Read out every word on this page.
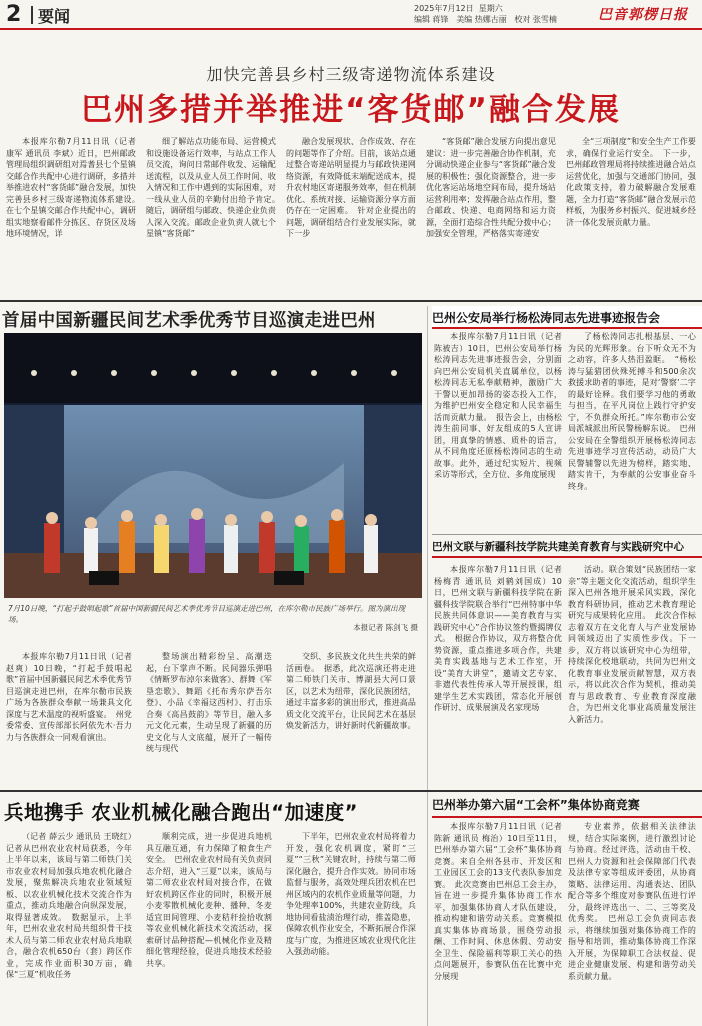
2 要闻	2025年7月12日 星期六
编辑 蒋锋 美编 热娜古丽 校对 张雪楠	巴音郭楞日报
加快完善县乡村三级寄递物流体系建设
巴州多措并举推进“客货邮”融合发展

本报库尔勒7月11日讯（记者 康军 通讯员 李斌）近日，巴州邮政管理局组织调研组对焉耆县七个星镇交邮合作共配中心进行调研，多措并举推进农村“客货邮”融合发展，加快完善县乡村三级寄递物流体系建设。　在七个星镇交邮合作共配中心，调研组实地察看邮件分拣区、存货区及场地环境情况，详

细了解站点功能布局、运营模式和设施设备运行效率，与站点工作人员交流，询问日常邮件收发、运输配送流程，以及从业人员工作时间、收入情况和工作中遇到的实际困难，对一线从业人员的辛勤付出给予肯定。　随后，调研组与邮政、快递企业负责人深入交流。邮政企业负责人就七个星镇“客货邮”

融合发展现状、合作成效、存在的问题等作了介绍。目前，该站点通过整合寄递站明显提力与邮政快递网络资源，有效降低末端配送成本，提升农村地区寄递服务效率，但在机制优化、系统对接、运输资源分享方面仍存在一定困难。　针对企业提出的问题，调研组结合行业发展实际，就下一步

“客货邮”融合发展方向提出意见建议：进一步完善融合协作机制，充分调动快递企业参与“客货邮”融合发展的积极性；强化资源整合，进一步优化客运站场地空间布局，提升场站运营利用率；发挥融合站点作用，整合邮政、快递、电商网络和运力资源，全面打造综合性共配分拨中心；加强安全管理，严格落实寄递安

全“三项制度”和安全生产工作要求，确保行业运行安全。　下一步，巴州邮政管理局将持续推进融合站点运营优化，加强与交通部门协同，强化政策支持，着力破解融合发展难题，全力打造“客货邮”融合发展示范样板，为服务乡村振兴、促进城乡经济一体化发展贡献力量。

首届中国新疆民间艺术季优秀节目巡演走进巴州
7月10日晚，“打起手鼓唱起歌”首届中国新疆民间艺术季优秀节目巡演走进巴州，在库尔勒市民族广场举行。图为演出现场。
本报记者 陈剑飞 摄

本报库尔勒7月11日讯（记者 赵爽）10日晚，“打起手鼓唱起歌”首届中国新疆民间艺术季优秀节目巡演走进巴州，在库尔勒市民族广场为各族群众奉献一场兼具文化深度与艺术温度的视听盛宴。　州党委常委、宣传部部长阿依先木·吾力力与各族群众一同观看演出。

整场演出精彩纷呈、高潮迭起，台下掌声不断。民间器乐弹唱《情断罗布淖尔来做客》、群舞《军垦恋歌》、舞蹈《托布秀尔萨吾尔登》、小品《幸福这西村》、打击乐合奏《高昌鼓韵》等节目，融入多元文化元素，生动呈现了新疆的历史文化与人文底蕴，展开了一幅传统与现代

交织、多民族文化共生共荣的鲜活画卷。　据悉，此次巡演还将走进第二师铁门关市、博湖县大河口景区，以艺术为纽带，深化民族团结，通过丰富多彩的演出形式，推进高品质文化交流平台，让民间艺术在基层焕发新活力，讲好新时代新疆故事。

巴州公安局举行杨松涛同志先进事迹报告会

本报库尔勒7月11日讯（记者 陈被吉）10日，巴州公安局举行杨松涛同志先进事迹报告会，分别面向巴州公安局机关直属单位，以杨松涛同志无私奉献精神，激励广大干警以更加昂扬的姿态投入工作，为维护巴州安全稳定和人民幸福生活而贡献力量。　报告会上，由杨松涛生前同事、好友组成的5人宣讲团，用真挚的情感、质朴的语言，从不同角度还原杨松涛同志的生动故事。此外，通过纪实短片、视频采访等形式，全方位、多角度展现

了杨松涛同志扎根基层、一心为民的光辉形象。台下听众无不为之动容，许多人热泪盈眶。　“杨松涛与猛猎团伙殊死搏斗和500余次救援求助者的事迹，是对‘警察’二字的最好诠释。我们要学习他的勇敢与担当，在平凡岗位上践行守护安宁，不负群众所托。”库尔勒市公安局派城派出所民警杨解东说。　巴州公安局在全警组织开展杨松涛同志先进事迹学习宣传活动，动员广大民警辅警以先进为榜样，踏实地、踏实肯干，为奉献的公安事业奋斗终身。

巴州文联与新疆科技学院共建美育教育与实践研究中心

本报库尔勒7月11日讯（记者 杨梅青 通讯员 刘鹤刘国成）10日，巴州文联与新疆科技学院在新疆科技学院联合举行“巴州特事中华民族共同体意识——美育教育与实践研究中心”合作协议签约暨揭牌仪式。　根据合作协议，双方将整合优势资源，重点推进多项合作，共建美育实践基地与艺术工作室，开设“美育大讲堂”，邀请文艺专家、非遗代表性传承人等开展授课，组建学生艺术实践团，常态化开展创作研讨、成果展演及名家现场

活动。联合策划“民族团结一家亲”等主题文化交流活动，组织学生深入巴州各地开展采风实践，深化教育科研协同，推动艺术教育理论研究与成果转化应用。　此次合作标志着双方在文化育人与产业发展协同领域迈出了实质性步伐。下一步，双方将以该研究中心为纽带，持续深化校地联动，共同为巴州文化教育事业发展贡献智慧，双方表示，将以此次合作为契机，推动美育与思政教育、专业教育深度融合，为巴州文化事业高质量发展注入新活力。

兵地携手 农业机械化融合跑出“加速度”

（记者 薛云少 通讯员 王晓红）记者从巴州农业农村局获悉，今年上半年以来，该局与第二师铁门关市农业农村局加强兵地农机化融合发展，聚焦解决兵地农业领域短板、以农业机械化技术交流合作为重点，推动兵地融合向纵深发展，取得显著成效。　数据显示，上半年，巴州农业农村局共组织骨干技术人员与第二师农业农村局兵地联合，融合农机650台（套）跨区作业，完成作业面积30万亩，确保“三夏”机收任务

顺利完成，进一步促进兵地机具互融互通，有力保障了粮食生产安全。　巴州农业农村局有关负责同志介绍，进入“三夏”以来，该局与第二师农业农村局对接合作，在做好农机跨区作业的同时，积极开展小麦零散机械化麦种、播种、冬麦适宜田间管理、小麦秸秆捡拾收割等农业机械化新技术交流活动，探索研讨品种搭配—机械化作业及精细化管理经验，促进兵地技术经验共享。

下半年，巴州农业农村局将着力开发，强化农机调度，紧盯“三夏”“三秋”关键农时，持续与第二师深化融合，提升合作实效。协同市场监督与服务，高效处理兵团农机在巴州区域内的农机作业质量等问题，力争处理率100%，共建农业防线，兵地协同看盐渍治理行动，推盖隐患，保障农机作业安全，不断拓展合作深度与广度，为推进区域农业现代化注入强劲动能。

巴州举办第六届“工会杯”集体协商竞赛

本报库尔勒7月11日讯（记者 陈新 通讯员 梅治）10日至11日，巴州举办第六届“工会杯”集体协商竞赛。来自全州各县市、开发区和工业园区工会的13支代表队参加竞赛。　此次竞赛由巴州总工会主办，旨在进一步提升集体协商工作水平，加强集体协商人才队伍建设，推动构建和谐劳动关系。竞赛模拟真实集体协商场景，围绕劳动报酬、工作时间、休息休假、劳动安全卫生、保险福利等职工关心的热点问题展开，参赛队伍在比赛中充分展现

专业素养，依据相关法律法规，结合实际案例，进行激烈讨论与协商。经过评选，活动由干校、巴州人力资源和社会保障部门代表及法律专家等组成评委团，从协商策略、法律运用、沟通表达、团队配合等多个维度对参赛队伍进行评分，最终评选出一、二、三等奖及优秀奖。　巴州总工会负责同志表示，将继续加强对集体协商工作的指导和培训，推动集体协商工作深入开展，为保障职工合法权益、促进企业健康发展、构建和谐劳动关系贡献力量。
